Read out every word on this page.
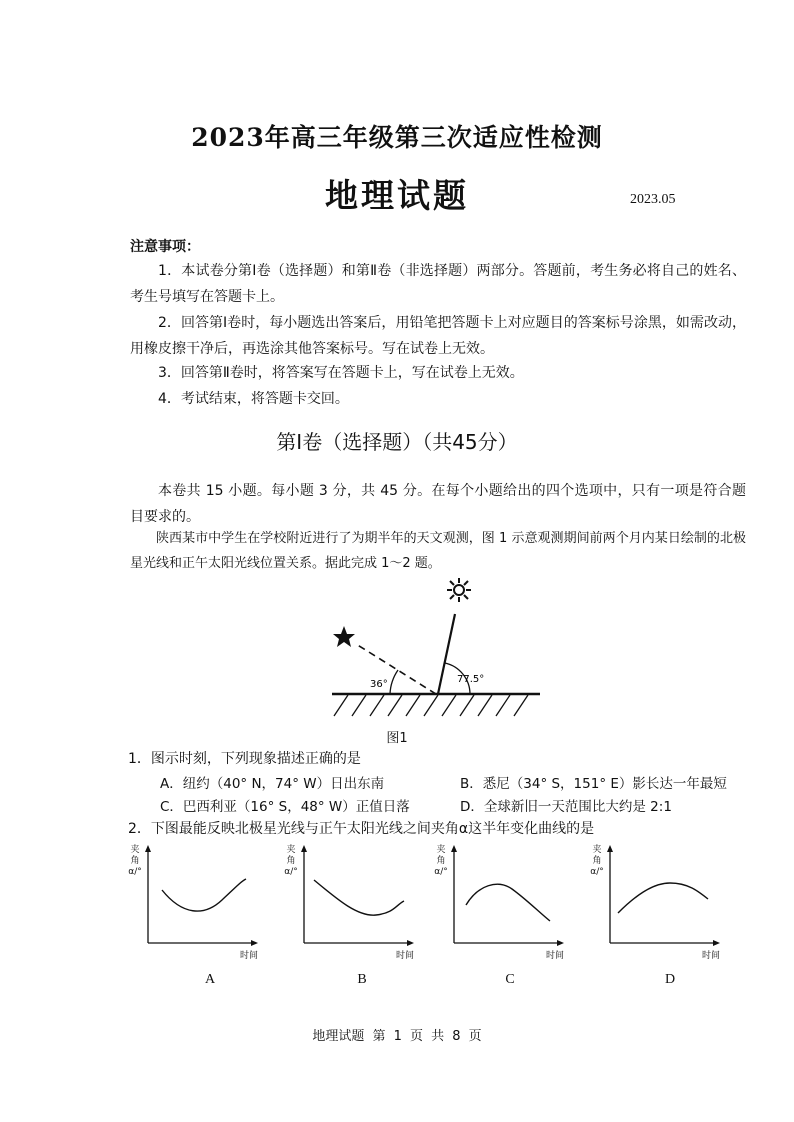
2023年高三年级第三次适应性检测
地理试题	2023.05
注意事项：
1．本试卷分第Ⅰ卷（选择题）和第Ⅱ卷（非选择题）两部分。答题前，考生务必将自己的姓名、考生号填写在答题卡上。
2．回答第Ⅰ卷时，每小题选出答案后，用铅笔把答题卡上对应题目的答案标号涂黑，如需改动，用橡皮擦干净后，再选涂其他答案标号。写在试卷上无效。
3．回答第Ⅱ卷时，将答案写在答题卡上，写在试卷上无效。
4．考试结束，将答题卡交回。
第Ⅰ卷（选择题）（共45分）
本卷共 15 小题。每小题 3 分，共 45 分。在每个小题给出的四个选项中，只有一项是符合题目要求的。
陕西某市中学生在学校附近进行了为期半年的天文观测，图 1 示意观测期间前两个月内某日绘制的北极星光线和正午太阳光线位置关系。据此完成 1～2 题。
36°	77.5°
图1
1．图示时刻，下列现象描述正确的是
A．纽约（40° N，74° W）日出东南	B．悉尼（34° S，151° E）影长达一年最短
C．巴西利亚（16° S，48° W）正值日落	D．全球新旧一天范围比大约是 2:1
2．下图最能反映北极星光线与正午太阳光线之间夹角α这半年变化曲线的是
夹角α/°
时间
A
夹角α/°
时间
B
夹角α/°
时间
C
夹角α/°
时间
D
地理试题 第 1 页 共 8 页
